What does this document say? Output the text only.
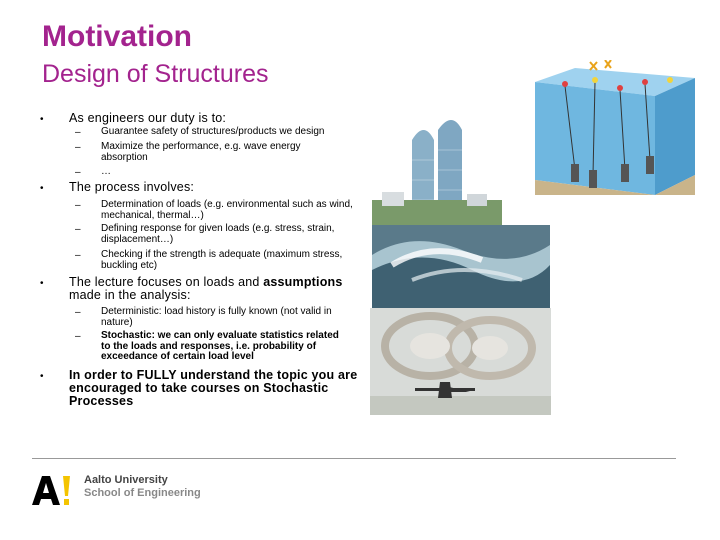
Motivation
Design of Structures
• As engineers our duty is to:
– Guarantee safety of structures/products we design
– Maximize the performance, e.g. wave energy absorption
– …
• The process involves:
– Determination of loads (e.g. environmental such as wind, mechanical, thermal…)
– Defining response for given loads (e.g. stress, strain, displacement…)
– Checking if the strength is adequate (maximum stress, buckling etc)
• The lecture focuses on loads and assumptions made in the analysis:
– Deterministic: load history is fully known (not valid in nature)
– Stochastic: we can only evaluate statistics related to the loads and responses, i.e. probability of exceedance of certain load level
• In order to FULLY understand the topic you are encouraged to take courses on Stochastic Processes
Aalto University
School of Engineering
